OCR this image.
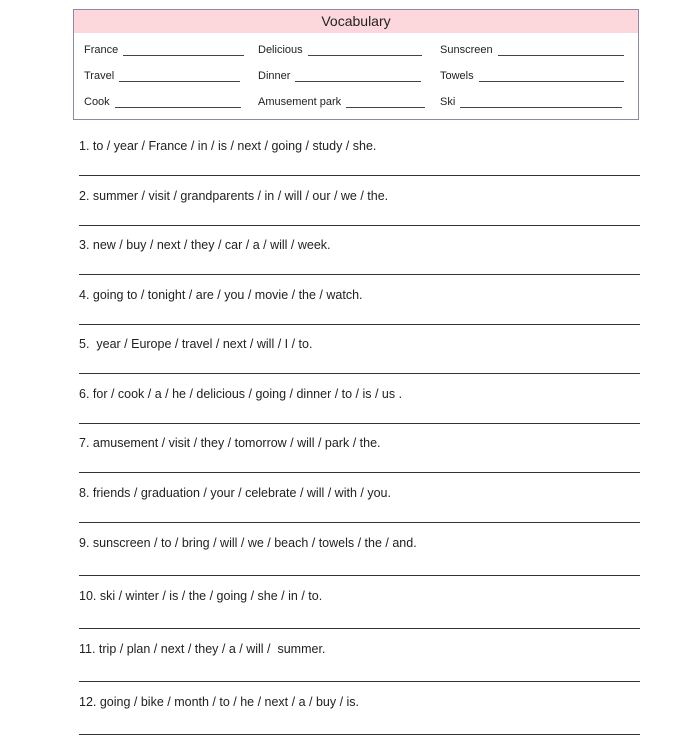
Vocabulary
France	Delicious	Sunscreen
Travel	Dinner	Towels
Cook	Amusement park	Ski
1. to / year / France / in / is / next / going / study / she.
2. summer / visit / grandparents / in / will / our / we / the.
3. new / buy / next / they / car / a / will / week.
4. going to / tonight / are / you / movie / the / watch.
5.  year / Europe / travel / next / will / I / to.
6. for / cook / a / he / delicious / going / dinner / to / is / us .
7. amusement / visit / they / tomorrow / will / park / the.
8. friends / graduation / your / celebrate / will / with / you.
9. sunscreen / to / bring / will / we / beach / towels / the / and.
10. ski / winter / is / the / going / she / in / to.
11. trip / plan / next / they / a / will /  summer.
12. going / bike / month / to / he / next / a / buy / is.
